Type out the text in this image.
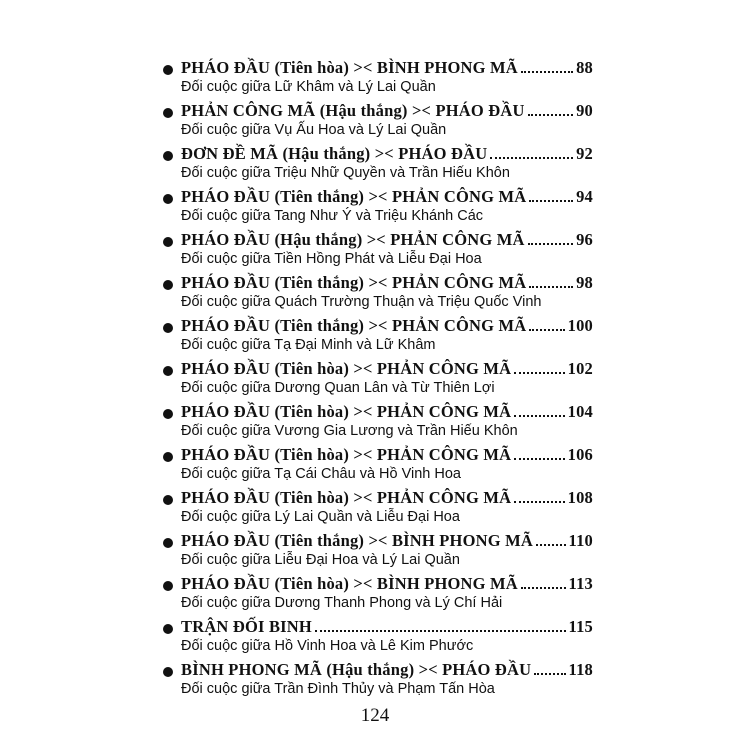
PHÁO ĐẦU (Tiên hòa) >< BÌNH PHONG MÃ	88
Đối cuộc giữa Lữ Khâm và Lý Lai Quần
PHẢN CÔNG MÃ (Hậu thắng) >< PHÁO ĐẦU	90
Đối cuộc giữa Vụ Ấu Hoa và Lý Lai Quần
ĐƠN ĐỀ MÃ (Hậu thắng) >< PHÁO ĐẦU	92
Đối cuộc giữa Triệu Nhữ Quyền và Trần Hiếu Khôn
PHÁO ĐẦU (Tiên thắng) >< PHẢN CÔNG MÃ	94
Đối cuộc giữa Tang Như Ý và Triệu Khánh Các
PHÁO ĐẦU (Hậu thắng) >< PHẢN CÔNG MÃ	96
Đối cuộc giữa Tiền Hồng Phát và Liễu Đại Hoa
PHÁO ĐẦU (Tiên thắng) >< PHẢN CÔNG MÃ	98
Đối cuộc giữa Quách Trường Thuận và Triệu Quốc Vinh
PHÁO ĐẦU (Tiên thắng) >< PHẢN CÔNG MÃ	100
Đối cuộc giữa Tạ Đại Minh và Lữ Khâm
PHÁO ĐẦU (Tiên hòa) >< PHẢN CÔNG MÃ	102
Đối cuộc giữa Dương Quan Lân và Từ Thiên Lợi
PHÁO ĐẦU (Tiên hòa) >< PHẢN CÔNG MÃ	104
Đối cuộc giữa Vương Gia Lương và Trần Hiếu Khôn
PHÁO ĐẦU (Tiên hòa) >< PHẢN CÔNG MÃ	106
Đối cuộc giữa Tạ Cái Châu và Hồ Vinh Hoa
PHÁO ĐẦU (Tiên hòa) >< PHẢN CÔNG MÃ	108
Đối cuộc giữa Lý Lai Quần và Liễu Đại Hoa
PHÁO ĐẦU (Tiên thắng) >< BÌNH PHONG MÃ 110
Đối cuộc giữa Liễu Đại Hoa và Lý Lai Quần
PHÁO ĐẦU (Tiên hòa) >< BÌNH PHONG MÃ	113
Đối cuộc giữa Dương Thanh Phong và Lý Chí Hải
TRẬN ĐỐI BINH	115
Đối cuộc giữa Hồ Vinh Hoa và Lê Kim Phước
BÌNH PHONG MÃ (Hậu thắng) >< PHÁO ĐẦU 118
Đối cuộc giữa Trần Đình Thủy và Phạm Tấn Hòa
124
